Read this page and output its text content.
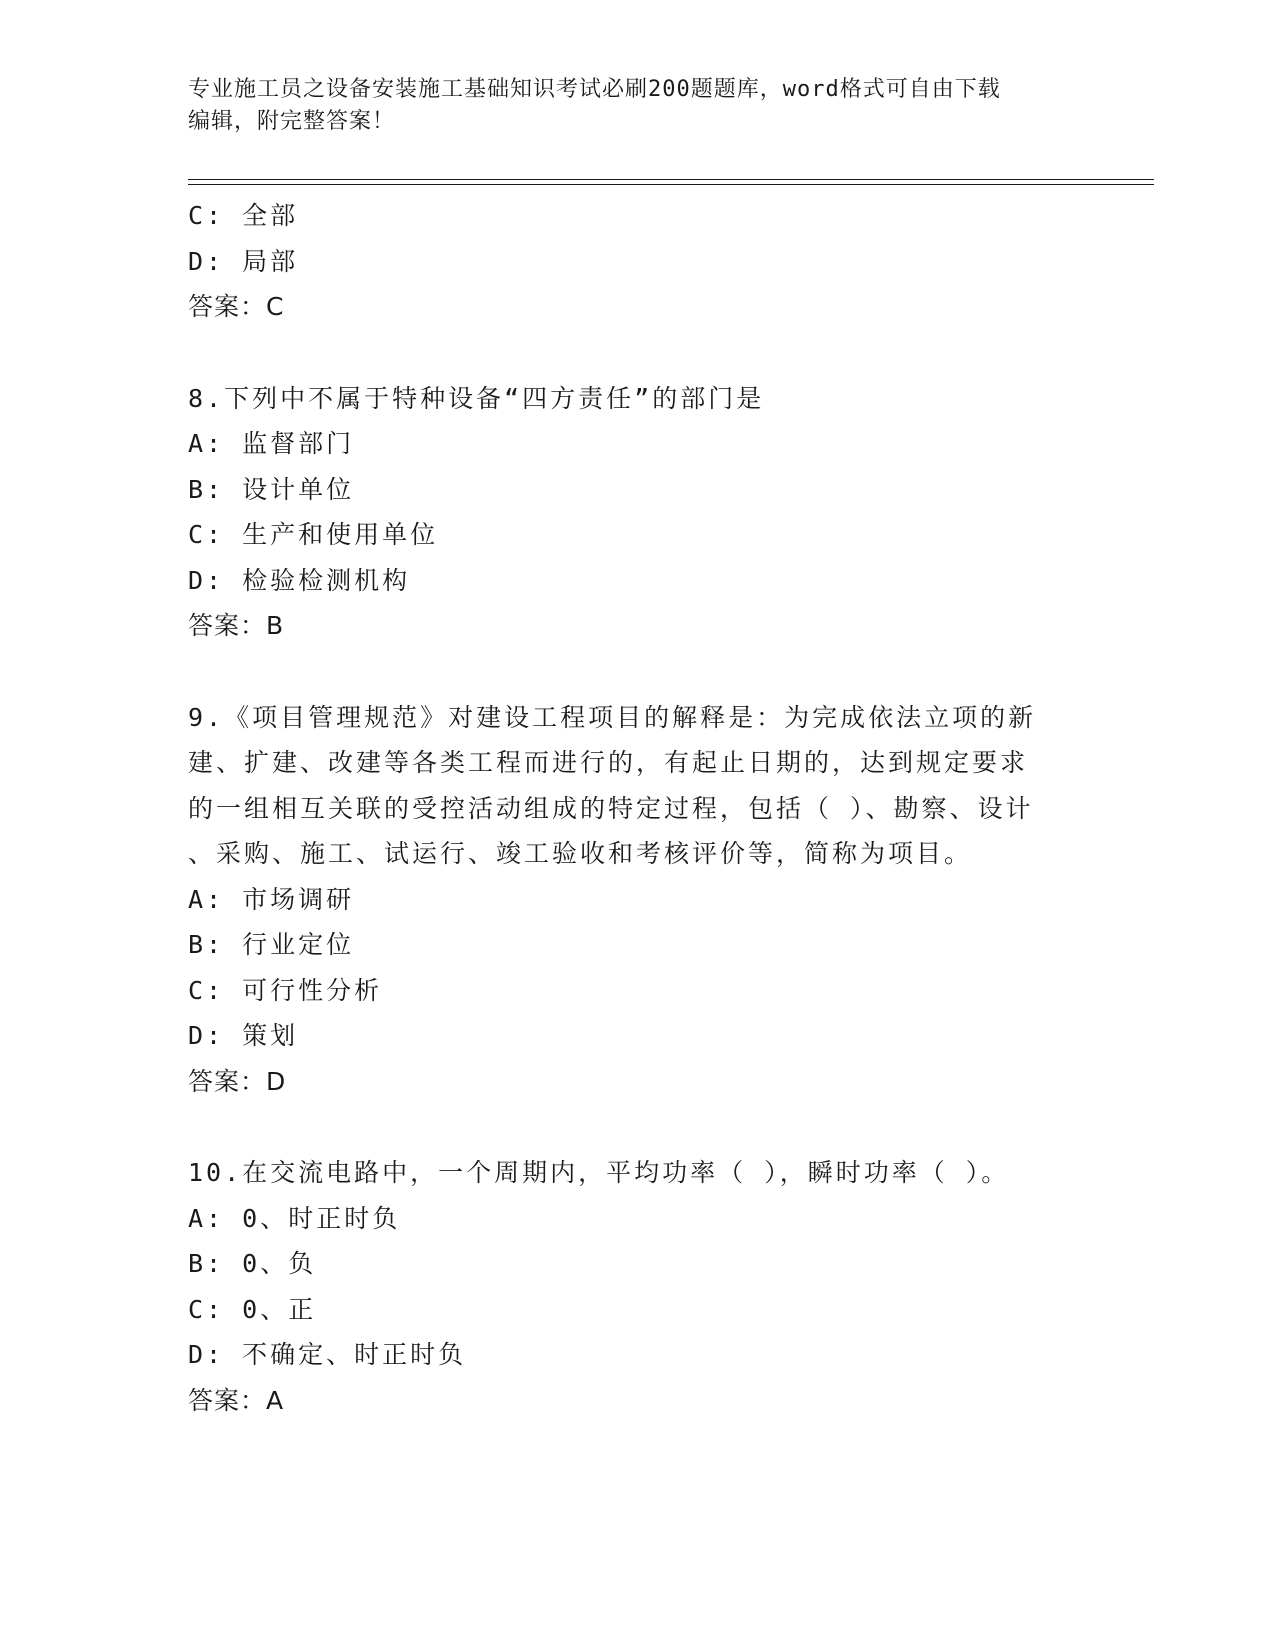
专业施工员之设备安装施工基础知识考试必刷200题题库，word格式可自由下载
编辑，附完整答案！
C: 全部
D: 局部
答案：C
8.下列中不属于特种设备“四方责任”的部门是
A: 监督部门
B: 设计单位
C: 生产和使用单位
D: 检验检测机构
答案：B
9.《项目管理规范》对建设工程项目的解释是：为完成依法立项的新
建、扩建、改建等各类工程而进行的，有起止日期的，达到规定要求
的一组相互关联的受控活动组成的特定过程，包括（ ）、勘察、设计
、采购、施工、试运行、竣工验收和考核评价等，简称为项目。
A: 市场调研
B: 行业定位
C: 可行性分析
D: 策划
答案：D
10.在交流电路中，一个周期内，平均功率（ ），瞬时功率（ ）。
A: 0、时正时负
B: 0、负
C: 0、正
D: 不确定、时正时负
答案：A
